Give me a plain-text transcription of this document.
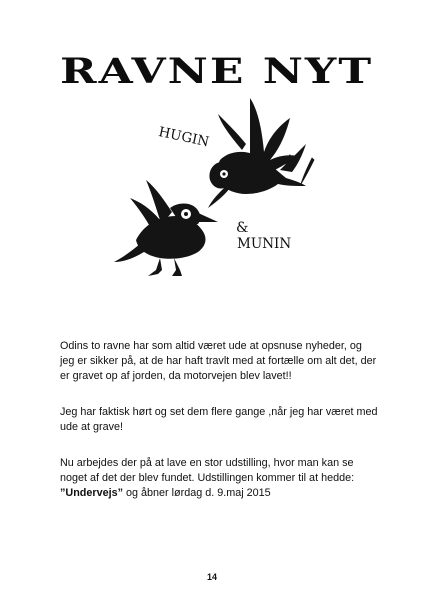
RAVNE NYT
HUGIN
&
MUNIN

Odins to ravne har som altid været ude at opsnuse nyheder, og jeg er sikker på, at de har haft travlt med at fortælle om alt det, der er gravet op af jorden, da motorvejen blev lavet!!

Jeg har faktisk hørt og set dem flere gange ,når jeg har været med ude at grave!

Nu arbejdes der på at lave en stor udstilling, hvor man kan se noget af det der blev fundet. Udstillingen kommer til at hedde: ”Undervejs” og åbner lørdag d. 9.maj 2015

14
